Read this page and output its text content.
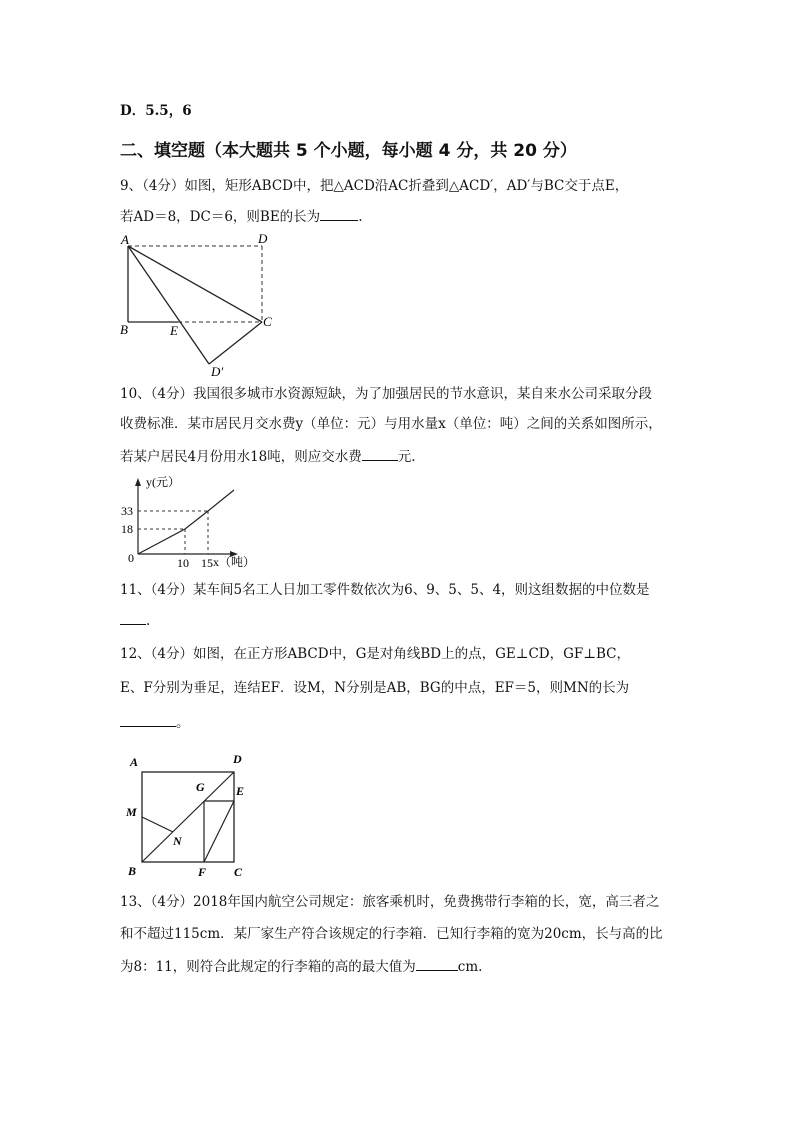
D．5.5，6
二、填空题（本大题共 5 个小题，每小题 4 分，共 20 分）
9、（4分）如图，矩形ABCD中，把△ACD沿AC折叠到△ACD′，AD′与BC交于点E，
若AD＝8，DC＝6，则BE的长为	.
A	D
B	E
C
D′
10、（4分）我国很多城市水资源短缺，为了加强居民的节水意识，某自来水公司采取分段
收费标准．某市居民月交水费y（单位：元）与用水量x（单位：吨）之间的关系如图所示，
若某户居民4月份用水18吨，则应交水费	元.
y(元）
x（吨）
0
33
18
10 15
11、（4分）某车间5名工人日加工零件数依次为6、9、5、5、4，则这组数据的中位数是
.
12、（4分）如图，在正方形ABCD中，G是对角线BD上的点，GE⊥CD，GF⊥BC，
E、F分别为垂足，连结EF．设M，N分别是AB，BG的中点，EF＝5，则MN的长为
。
A	D
B	F C
E
G
M
N
13、（4分）2018年国内航空公司规定：旅客乘机时，免费携带行李箱的长，宽，高三者之
和不超过115cm．某厂家生产符合该规定的行李箱．已知行李箱的宽为20cm，长与高的比
为8：11，则符合此规定的行李箱的高的最大值为	cm.
